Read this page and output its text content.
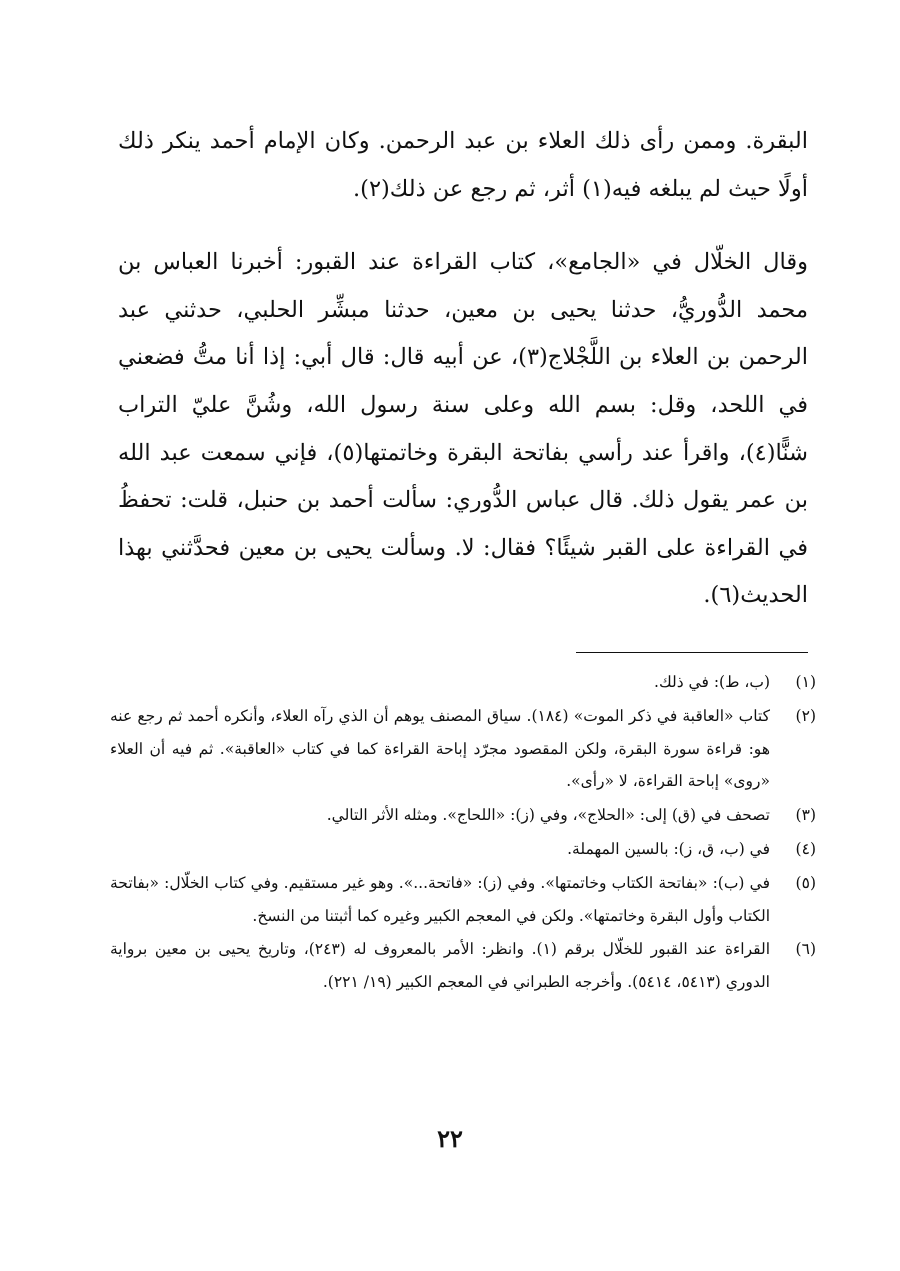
البقرة. وممن رأى ذلك العلاء بن عبد الرحمن. وكان الإمام أحمد ينكر ذلك أولًا حيث لم يبلغه فيه(١) أثر، ثم رجع عن ذلك(٢).

وقال الخلّال في «الجامع»، كتاب القراءة عند القبور: أخبرنا العباس بن محمد الدُّوريُّ، حدثنا يحيى بن معين، حدثنا مبشِّر الحلبي، حدثني عبد الرحمن بن العلاء بن اللَّجْلاج(٣)، عن أبيه قال: قال أبي: إذا أنا متُّ فضعني في اللحد، وقل: بسم الله وعلى سنة رسول الله، وشُنَّ عليّ التراب شنًّا(٤)، واقرأ عند رأسي بفاتحة البقرة وخاتمتها(٥)، فإني سمعت عبد الله بن عمر يقول ذلك. قال عباس الدُّوري: سألت أحمد بن حنبل، قلت: تحفظُ في القراءة على القبر شيئًا؟ فقال: لا. وسألت يحيى بن معين فحدَّثني بهذا الحديث(٦).

(١)
(ب، ط): في ذلك.
(٢)
كتاب «العاقبة في ذكر الموت» (١٨٤). سياق المصنف يوهم أن الذي رآه العلاء، وأنكره أحمد ثم رجع عنه هو: قراءة سورة البقرة، ولكن المقصود مجرّد إباحة القراءة كما في كتاب «العاقبة». ثم فيه أن العلاء «روى» إباحة القراءة، لا «رأى».
(٣)
تصحف في (ق) إلى: «الحلاج»، وفي (ز): «اللحاج». ومثله الأثر التالي.
(٤)
في (ب، ق، ز): بالسين المهملة.
(٥)
في (ب): «بفاتحة الكتاب وخاتمتها». وفي (ز): «فاتحة...». وهو غير مستقيم. وفي كتاب الخلّال: «بفاتحة الكتاب وأول البقرة وخاتمتها». ولكن في المعجم الكبير وغيره كما أثبتنا من النسخ.
(٦)
القراءة عند القبور للخلّال برقم (١). وانظر: الأمر بالمعروف له (٢٤٣)، وتاريخ يحيى بن معين برواية الدوري (٥٤١٣، ٥٤١٤). وأخرجه الطبراني في المعجم الكبير (١٩/ ٢٢١).
٢٢
